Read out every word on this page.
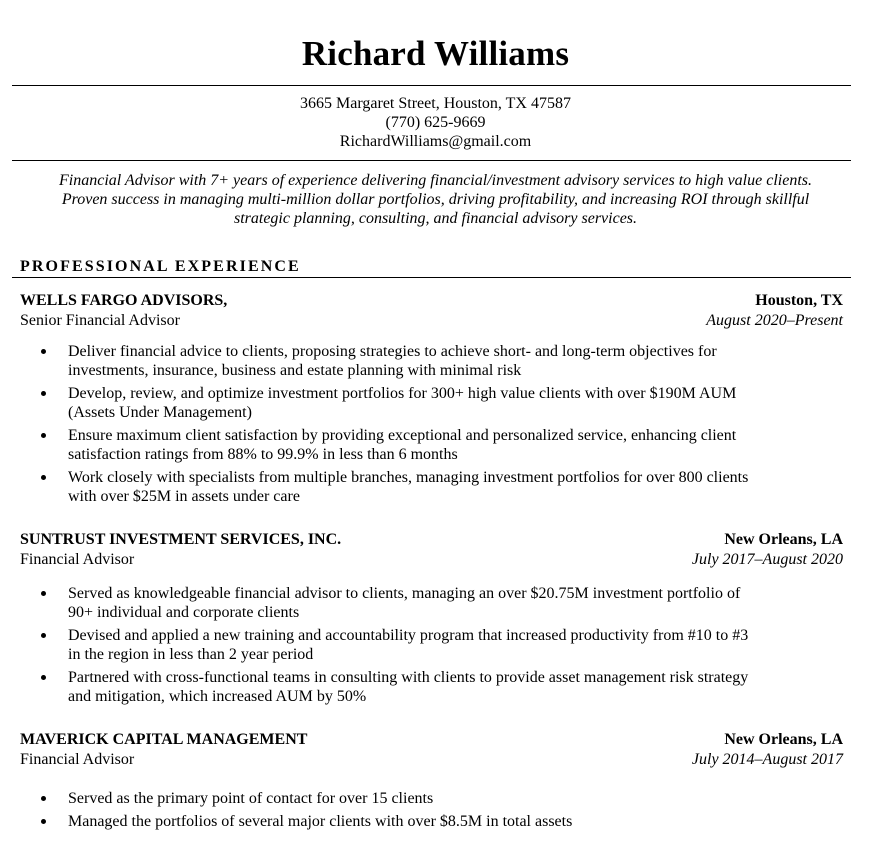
Richard Williams
3665 Margaret Street, Houston, TX 47587
(770) 625-9669
RichardWilliams@gmail.com
Financial Advisor with 7+ years of experience delivering financial/investment advisory services to high value clients.
Proven success in managing multi-million dollar portfolios, driving profitability, and increasing ROI through skillful
strategic planning, consulting, and financial advisory services.
PROFESSIONAL EXPERIENCE
WELLS FARGO ADVISORS,	Houston, TX
Senior Financial Advisor	August 2020–Present
Deliver financial advice to clients, proposing strategies to achieve short- and long-term objectives for
investments, insurance, business and estate planning with minimal risk
Develop, review, and optimize investment portfolios for 300+ high value clients with over $190M AUM
(Assets Under Management)
Ensure maximum client satisfaction by providing exceptional and personalized service, enhancing client
satisfaction ratings from 88% to 99.9% in less than 6 months
Work closely with specialists from multiple branches, managing investment portfolios for over 800 clients
with over $25M in assets under care
SUNTRUST INVESTMENT SERVICES, INC.	New Orleans, LA
Financial Advisor	July 2017–August 2020
Served as knowledgeable financial advisor to clients, managing an over $20.75M investment portfolio of
90+ individual and corporate clients
Devised and applied a new training and accountability program that increased productivity from #10 to #3
in the region in less than 2 year period
Partnered with cross-functional teams in consulting with clients to provide asset management risk strategy
and mitigation, which increased AUM by 50%
MAVERICK CAPITAL MANAGEMENT	New Orleans, LA
Financial Advisor	July 2014–August 2017
Served as the primary point of contact for over 15 clients
Managed the portfolios of several major clients with over $8.5M in total assets
